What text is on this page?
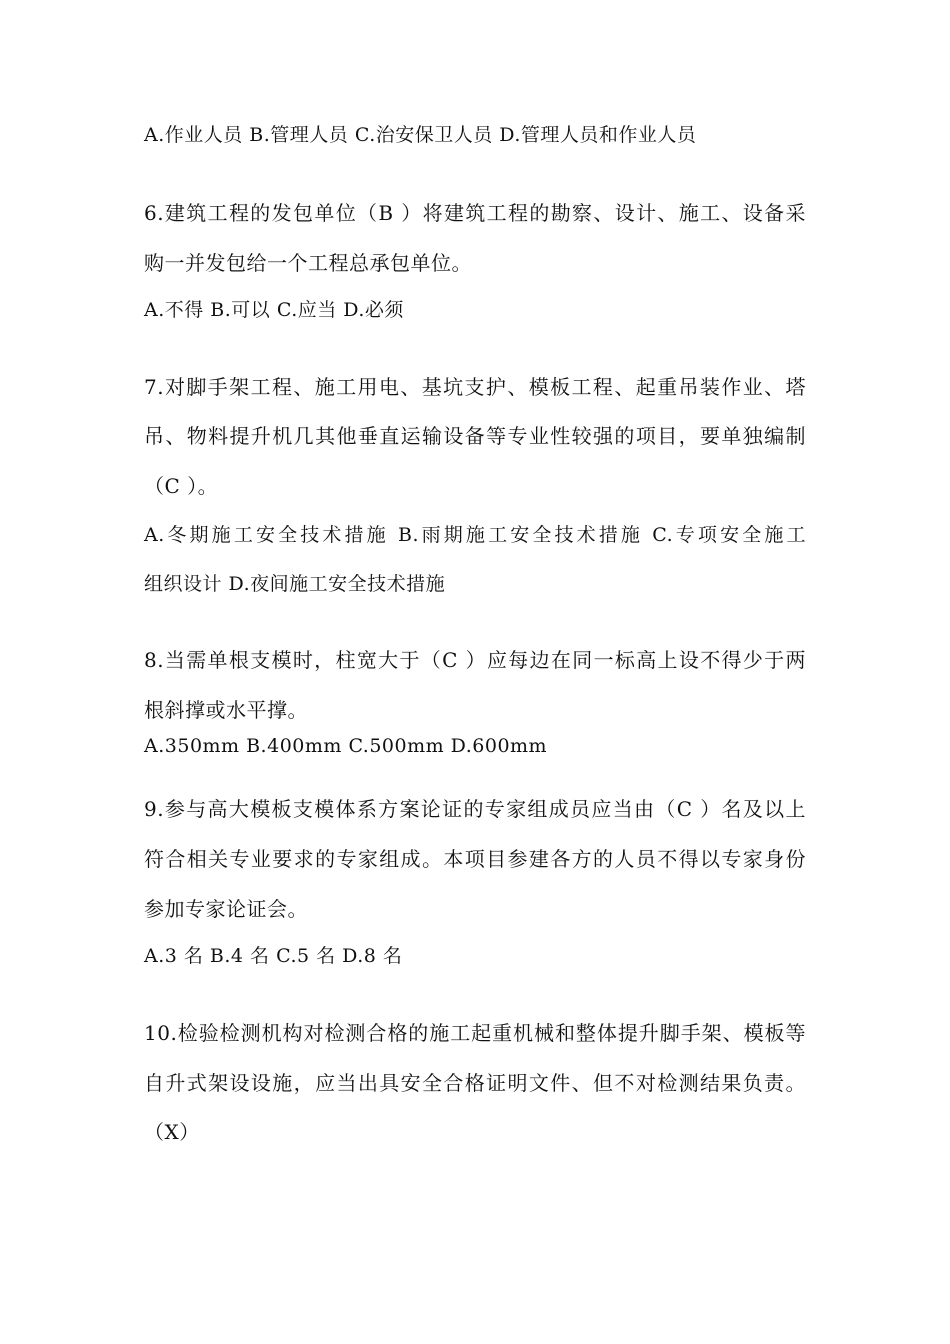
A.作业人员 B.管理人员 C.治安保卫人员 D.管理人员和作业人员
6.建筑工程的发包单位（B ）将建筑工程的勘察、设计、施工、设备采
购一并发包给一个工程总承包单位。
A.不得 B.可以 C.应当 D.必须
7.对脚手架工程、施工用电、基坑支护、模板工程、起重吊装作业、塔
吊、物料提升机几其他垂直运输设备等专业性较强的项目，要单独编制
（C ）。
A.冬期施工安全技术措施 B.雨期施工安全技术措施 C.专项安全施工
组织设计 D.夜间施工安全技术措施
8.当需单根支模时，柱宽大于（C ）应每边在同一标高上设不得少于两
根斜撑或水平撑。
A.350mm B.400mm C.500mm D.600mm
9.参与高大模板支模体系方案论证的专家组成员应当由（C ）名及以上
符合相关专业要求的专家组成。本项目参建各方的人员不得以专家身份
参加专家论证会。
A.3 名 B.4 名 C.5 名 D.8 名
10.检验检测机构对检测合格的施工起重机械和整体提升脚手架、模板等
自升式架设设施，应当出具安全合格证明文件、但不对检测结果负责。
（X）
